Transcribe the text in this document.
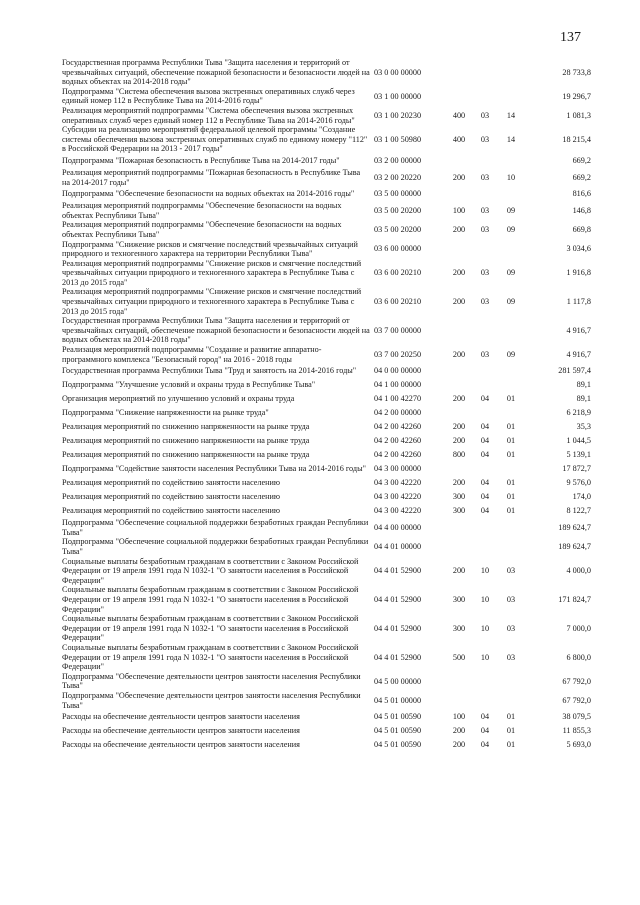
137
Государственная программа Республики Тыва "Защита населения и территорий от чрезвычайных ситуаций, обеспечение пожарной безопасности и безопасности людей на водных объектах на 2014-2018 годы"	03 0 00 00000				28 733,8
Подпрограмма "Система обеспечения вызова экстренных оперативных служб через единый номер 112 в Республике Тыва на 2014-2016 годы"	03 1 00 00000				19 296,7
Реализация мероприятий подпрограммы "Система обеспечения вызова экстренных оперативных служб через единый номер 112 в Республике Тыва на 2014-2016 годы"	03 1 00 20230	400	03	14	1 081,3
Субсидии на реализацию мероприятий федеральной целевой программы "Создание системы обеспечения вызова экстренных оперативных служб по единому номеру "112" в Российской Федерации на 2013 - 2017 годы"	03 1 00 50980	400	03	14	18 215,4
Подпрограмма "Пожарная безопасность в Республике Тыва на 2014-2017 годы"	03 2 00 00000				669,2
Реализация мероприятий подпрограммы "Пожарная безопасность в Республике Тыва на 2014-2017 годы"	03 2 00 20220	200	03	10	669,2
Подпрограмма "Обеспечение безопасности на водных объектах на 2014-2016 годы"	03 5 00 00000				816,6
Реализация мероприятий подпрограммы "Обеспечение безопасности на водных объектах Республики Тыва"	03 5 00 20200	100	03	09	146,8
Реализация мероприятий подпрограммы "Обеспечение безопасности на водных объектах Республики Тыва"	03 5 00 20200	200	03	09	669,8
Подпрограмма "Снижение рисков и смягчение последствий чрезвычайных ситуаций природного и техногенного характера на территории Республики Тыва"	03 6 00 00000				3 034,6
Реализация мероприятий подпрограммы "Снижение рисков и смягчение последствий чрезвычайных ситуации природного и техногенного характера в Республике Тыва с 2013 до 2015 года"	03 6 00 20210	200	03	09	1 916,8
Реализация мероприятий подпрограммы "Снижение рисков и смягчение последствий чрезвычайных ситуации природного и техногенного характера в Республике Тыва с 2013 до 2015 года"	03 6 00 20210	200	03	09	1 117,8
Государственная программа Республики Тыва "Защита населения и территорий от чрезвычайных ситуаций, обеспечение пожарной безопасности и безопасности людей на водных объектах на 2014-2018 годы"	03 7 00 00000				4 916,7
Реализация мероприятий подпрограммы "Создание и развитие аппаратно-программного комплекса "Безопасный город" на 2016 - 2018 годы	03 7 00 20250	200	03	09	4 916,7
Государственная программа Республики Тыва "Труд и занятость на 2014-2016 годы"	04 0 00 00000				281 597,4
Подпрограмма "Улучшение условий и охраны труда в Республике Тыва"	04 1 00 00000				89,1
Организация мероприятий по улучшению условий и охраны труда	04 1 00 42270	200	04	01	89,1
Подпрограмма "Снижение напряженности на рынке труда"	04 2 00 00000				6 218,9
Реализация мероприятий по снижению напряженности на рынке труда	04 2 00 42260	200	04	01	35,3
Реализация мероприятий по снижению напряженности на рынке труда	04 2 00 42260	200	04	01	1 044,5
Реализация мероприятий по снижению напряженности на рынке труда	04 2 00 42260	800	04	01	5 139,1
Подпрограмма "Содействие занятости населения Республики Тыва на 2014-2016 годы"	04 3 00 00000				17 872,7
Реализация мероприятий по содействию занятости населению	04 3 00 42220	200	04	01	9 576,0
Реализация мероприятий по содействию занятости населению	04 3 00 42220	300	04	01	174,0
Реализация мероприятий по содействию занятости населению	04 3 00 42220	300	04	01	8 122,7
Подпрограмма "Обеспечение социальной поддержки безработных граждан Республики Тыва"	04 4 00 00000				189 624,7
Подпрограмма "Обеспечение социальной поддержки безработных граждан Республики Тыва"	04 4 01 00000				189 624,7
Социальные выплаты безработным гражданам в соответствии с Законом Российской Федерации от 19 апреля 1991 года N 1032-1 "О занятости населения в Российской Федерации"	04 4 01 52900	200	10	03	4 000,0
Социальные выплаты безработным гражданам в соответствии с Законом Российской Федерации от 19 апреля 1991 года N 1032-1 "О занятости населения в Российской Федерации"	04 4 01 52900	300	10	03	171 824,7
Социальные выплаты безработным гражданам в соответствии с Законом Российской Федерации от 19 апреля 1991 года N 1032-1 "О занятости населения в Российской Федерации"	04 4 01 52900	300	10	03	7 000,0
Социальные выплаты безработным гражданам в соответствии с Законом Российской Федерации от 19 апреля 1991 года N 1032-1 "О занятости населения в Российской Федерации"	04 4 01 52900	500	10	03	6 800,0
Подпрограмма "Обеспечение деятельности центров занятости населения Республики Тыва"	04 5 00 00000				67 792,0
Подпрограмма "Обеспечение деятельности центров занятости населения Республики Тыва"	04 5 01 00000				67 792,0
Расходы на обеспечение деятельности центров занятости населения	04 5 01 00590	100	04	01	38 079,5
Расходы на обеспечение деятельности центров занятости населения	04 5 01 00590	200	04	01	11 855,3
Расходы на обеспечение деятельности центров занятости населения	04 5 01 00590	200	04	01	5 693,0
